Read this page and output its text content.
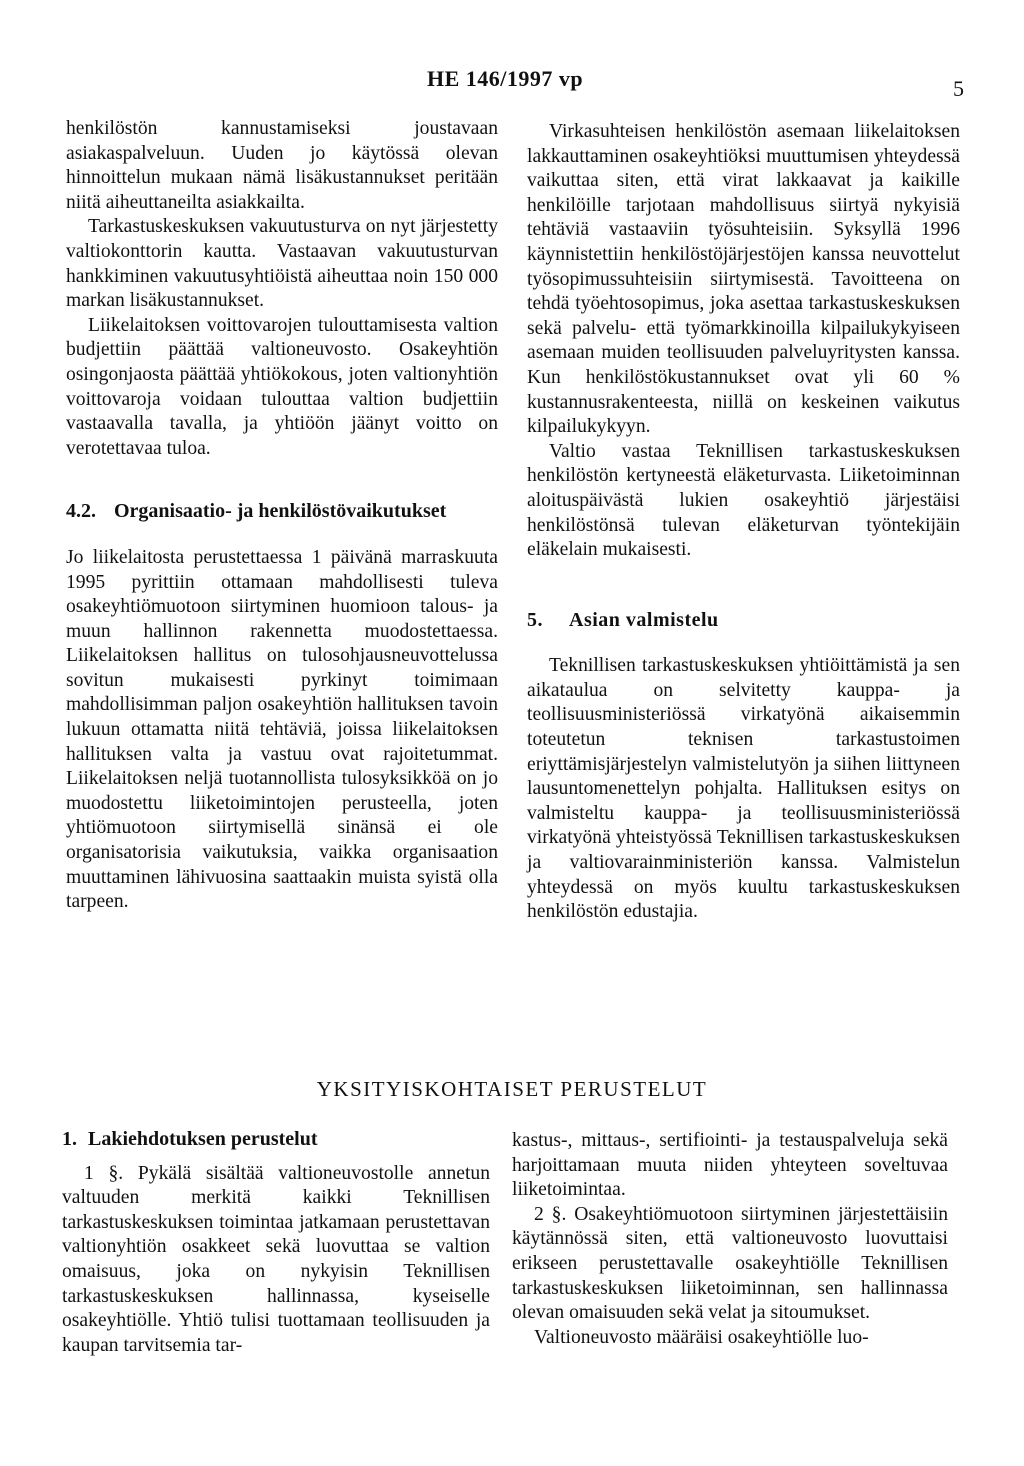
HE 146/1997 vp	5

henkilöstön kannustamiseksi joustavaan asiakaspalveluun. Uuden jo käytössä olevan hinnoittelun mukaan nämä lisäkustannukset peritään niitä aiheuttaneilta asiakkailta.

Tarkastuskeskuksen vakuutusturva on nyt järjestetty valtiokonttorin kautta. Vastaavan vakuutusturvan hankkiminen vakuutusyhtiöistä aiheuttaa noin 150 000 markan lisäkustannukset.

Liikelaitoksen voittovarojen tulouttamisesta valtion budjettiin päättää valtioneuvosto. Osakeyhtiön osingonjaosta päättää yhtiökokous, joten valtionyhtiön voittovaroja voidaan tulouttaa valtion budjettiin vastaavalla tavalla, ja yhtiöön jäänyt voitto on verotettavaa tuloa.

4.2. Organisaatio- ja henkilöstövaikutukset

Jo liikelaitosta perustettaessa 1 päivänä marraskuuta 1995 pyrittiin ottamaan mahdollisesti tuleva osakeyhtiömuotoon siirtyminen huomioon talous- ja muun hallinnon rakennetta muodostettaessa. Liikelaitoksen hallitus on tulosohjausneuvottelussa sovitun mukaisesti pyrkinyt toimimaan mahdollisimman paljon osakeyhtiön hallituksen tavoin lukuun ottamatta niitä tehtäviä, joissa liikelaitoksen hallituksen valta ja vastuu ovat rajoitetummat. Liikelaitoksen neljä tuotannollista tulosyksikköä on jo muodostettu liiketoimintojen perusteella, joten yhtiömuotoon siirtymisellä sinänsä ei ole organisatorisia vaikutuksia, vaikka organisaation muuttaminen lähivuosina saattaakin muista syistä olla tarpeen.

Virkasuhteisen henkilöstön asemaan liikelaitoksen lakkauttaminen osakeyhtiöksi muuttumisen yhteydessä vaikuttaa siten, että virat lakkaavat ja kaikille henkilöille tarjotaan mahdollisuus siirtyä nykyisiä tehtäviä vastaaviin työsuhteisiin. Syksyllä 1996 käynnistettiin henkilöstöjärjestöjen kanssa neuvottelut työsopimussuhteisiin siirtymisestä. Tavoitteena on tehdä työehtosopimus, joka asettaa tarkastuskeskuksen sekä palvelu- että työmarkkinoilla kilpailukykyiseen asemaan muiden teollisuuden palveluyritysten kanssa. Kun henkilöstökustannukset ovat yli 60 % kustannusrakenteesta, niillä on keskeinen vaikutus kilpailukykyyn.

Valtio vastaa Teknillisen tarkastuskeskuksen henkilöstön kertyneestä eläketurvasta. Liiketoiminnan aloituspäivästä lukien osakeyhtiö järjestäisi henkilöstönsä tulevan eläketurvan työntekijäin eläkelain mukaisesti.

5. Asian valmistelu

Teknillisen tarkastuskeskuksen yhtiöittämistä ja sen aikataulua on selvitetty kauppa- ja teollisuusministeriössä virkatyönä aikaisemmin toteutetun teknisen tarkastustoimen eriyttämisjärjestelyn valmistelutyön ja siihen liittyneen lausuntomenettelyn pohjalta. Hallituksen esitys on valmisteltu kauppa- ja teollisuusministeriössä virkatyönä yhteistyössä Teknillisen tarkastuskeskuksen ja valtiovarainministeriön kanssa. Valmistelun yhteydessä on myös kuultu tarkastuskeskuksen henkilöstön edustajia.

YKSITYISKOHTAISET PERUSTELUT
1. Lakiehdotuksen perustelut

1 §. Pykälä sisältää valtioneuvostolle annetun valtuuden merkitä kaikki Teknillisen tarkastuskeskuksen toimintaa jatkamaan perustettavan valtionyhtiön osakkeet sekä luovuttaa se valtion omaisuus, joka on nykyisin Teknillisen tarkastuskeskuksen hallinnassa, kyseiselle osakeyhtiölle. Yhtiö tulisi tuottamaan teollisuuden ja kaupan tarvitsemia tar-

kastus-, mittaus-, sertifiointi- ja testauspalveluja sekä harjoittamaan muuta niiden yhteyteen soveltuvaa liiketoimintaa.

2 §. Osakeyhtiömuotoon siirtyminen järjestettäisiin käytännössä siten, että valtioneuvosto luovuttaisi erikseen perustettavalle osakeyhtiölle Teknillisen tarkastuskeskuksen liiketoiminnan, sen hallinnassa olevan omaisuuden sekä velat ja sitoumukset.

Valtioneuvosto määräisi osakeyhtiölle luo-
